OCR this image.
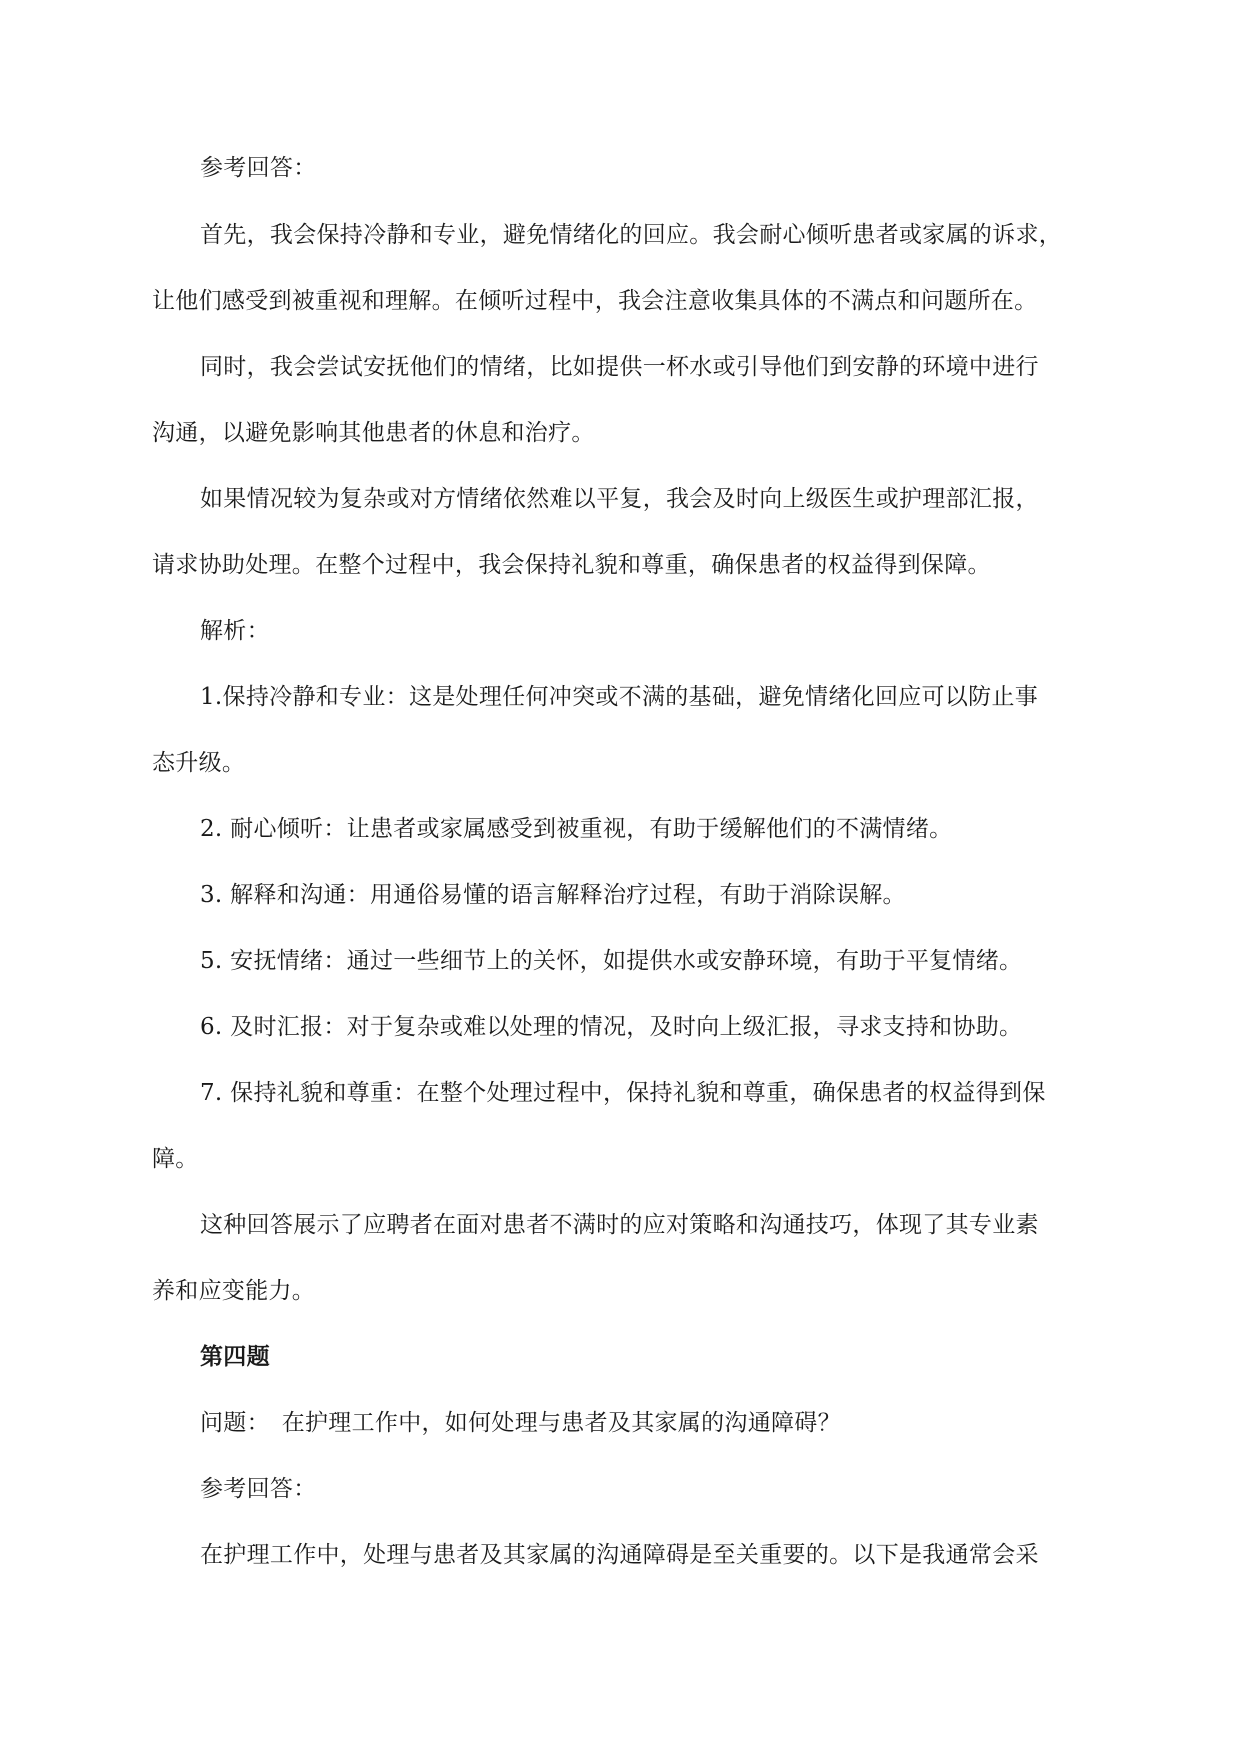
参考回答：
首先，我会保持冷静和专业，避免情绪化的回应。我会耐心倾听患者或家属的诉求，
让他们感受到被重视和理解。在倾听过程中，我会注意收集具体的不满点和问题所在。
同时，我会尝试安抚他们的情绪，比如提供一杯水或引导他们到安静的环境中进行
沟通，以避免影响其他患者的休息和治疗。
如果情况较为复杂或对方情绪依然难以平复，我会及时向上级医生或护理部汇报，
请求协助处理。在整个过程中，我会保持礼貌和尊重，确保患者的权益得到保障。
解析：
1.保持冷静和专业：这是处理任何冲突或不满的基础，避免情绪化回应可以防止事
态升级。
2. 耐心倾听：让患者或家属感受到被重视，有助于缓解他们的不满情绪。
3. 解释和沟通：用通俗易懂的语言解释治疗过程，有助于消除误解。
5. 安抚情绪：通过一些细节上的关怀，如提供水或安静环境，有助于平复情绪。
6. 及时汇报：对于复杂或难以处理的情况，及时向上级汇报，寻求支持和协助。
7. 保持礼貌和尊重：在整个处理过程中，保持礼貌和尊重，确保患者的权益得到保
障。
这种回答展示了应聘者在面对患者不满时的应对策略和沟通技巧，体现了其专业素
养和应变能力。
第四题
问题：　在护理工作中，如何处理与患者及其家属的沟通障碍？
参考回答：
在护理工作中，处理与患者及其家属的沟通障碍是至关重要的。以下是我通常会采
